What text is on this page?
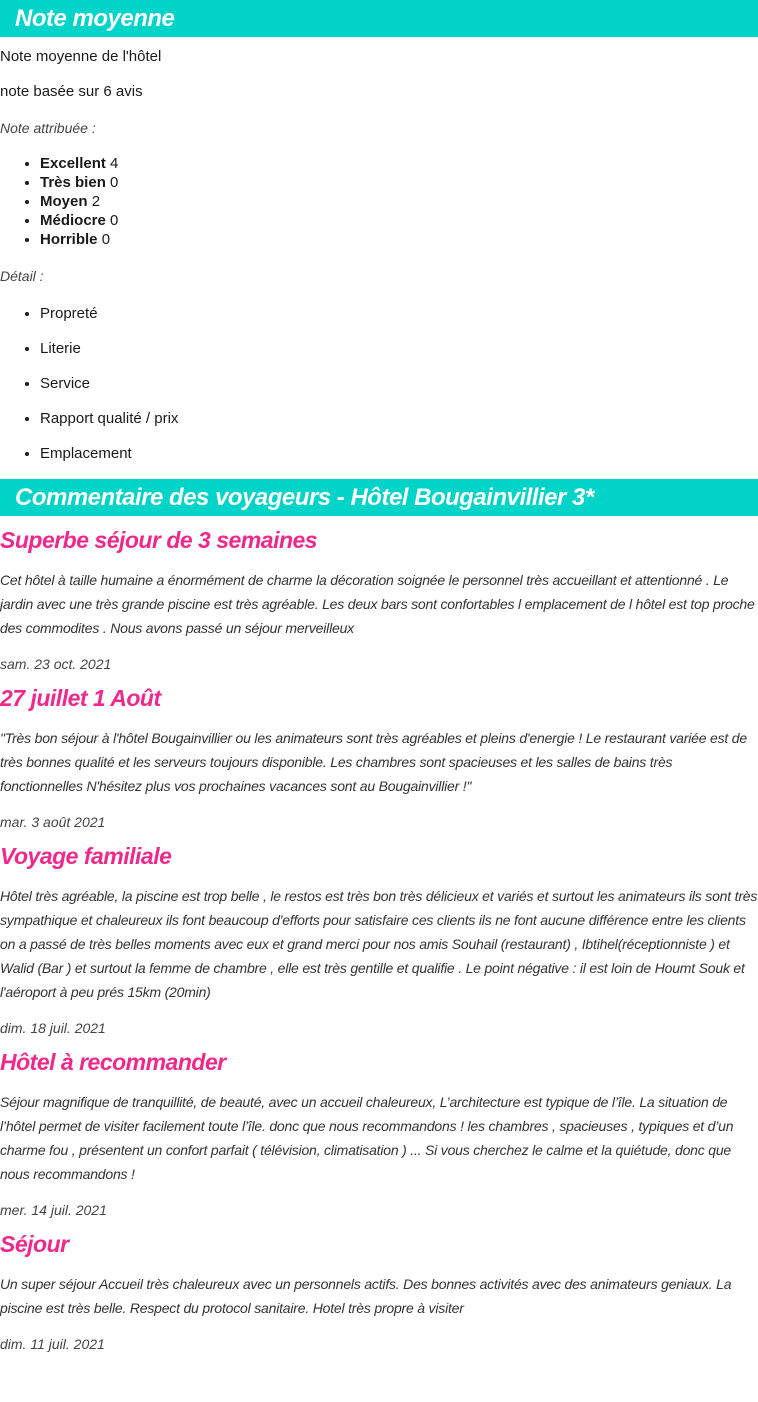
Note moyenne

Note moyenne de l'hôtel

note basée sur 6 avis

Note attribuée :
• Excellent 4
• Très bien 0
• Moyen 2
• Médiocre 0
• Horrible 0
Détail :
• Propreté
• Literie
• Service
• Rapport qualité / prix
• Emplacement
Commentaire des voyageurs - Hôtel Bougainvillier 3*
Superbe séjour de 3 semaines

Cet hôtel à taille humaine a énormément de charme la décoration soignée le personnel très accueillant et attentionné . Le jardin avec une très grande piscine est très agréable. Les deux bars sont confortables l emplacement de l hôtel est top proche des commodites . Nous avons passé un séjour merveilleux

sam. 23 oct. 2021

27 juillet 1 Août

"Très bon séjour à l'hôtel Bougainvillier ou les animateurs sont très agréables et pleins d'energie ! Le restaurant variée est de très bonnes qualité et les serveurs toujours disponible. Les chambres sont spacieuses et les salles de bains très fonctionnelles N'hésitez plus vos prochaines vacances sont au Bougainvillier !"

mar. 3 août 2021

Voyage familiale

Hôtel très agréable, la piscine est trop belle , le restos est très bon très délicieux et variés et surtout les animateurs ils sont très sympathique et chaleureux ils font beaucoup d'efforts pour satisfaire ces clients ils ne font aucune différence entre les clients on a passé de très belles moments avec eux et grand merci pour nos amis Souhail (restaurant) , Ibtihel(réceptionniste ) et Walid (Bar ) et surtout la femme de chambre , elle est très gentille et qualifie . Le point négative : il est loin de Houmt Souk et l'aéroport à peu prés 15km (20min)

dim. 18 juil. 2021

Hôtel à recommander

Séjour magnifique de tranquillité, de beauté, avec un accueil chaleureux, L’architecture est typique de l’île. La situation de l’hôtel permet de visiter facilement toute l’île. donc que nous recommandons ! les chambres , spacieuses , typiques et d’un charme fou , présentent un confort parfait ( télévision, climatisation ) ... Si vous cherchez le calme et la quiétude, donc que nous recommandons !

mer. 14 juil. 2021

Séjour

Un super séjour Accueil très chaleureux avec un personnels actifs. Des bonnes activités avec des animateurs geniaux. La piscine est très belle. Respect du protocol sanitaire. Hotel très propre à visiter

dim. 11 juil. 2021
